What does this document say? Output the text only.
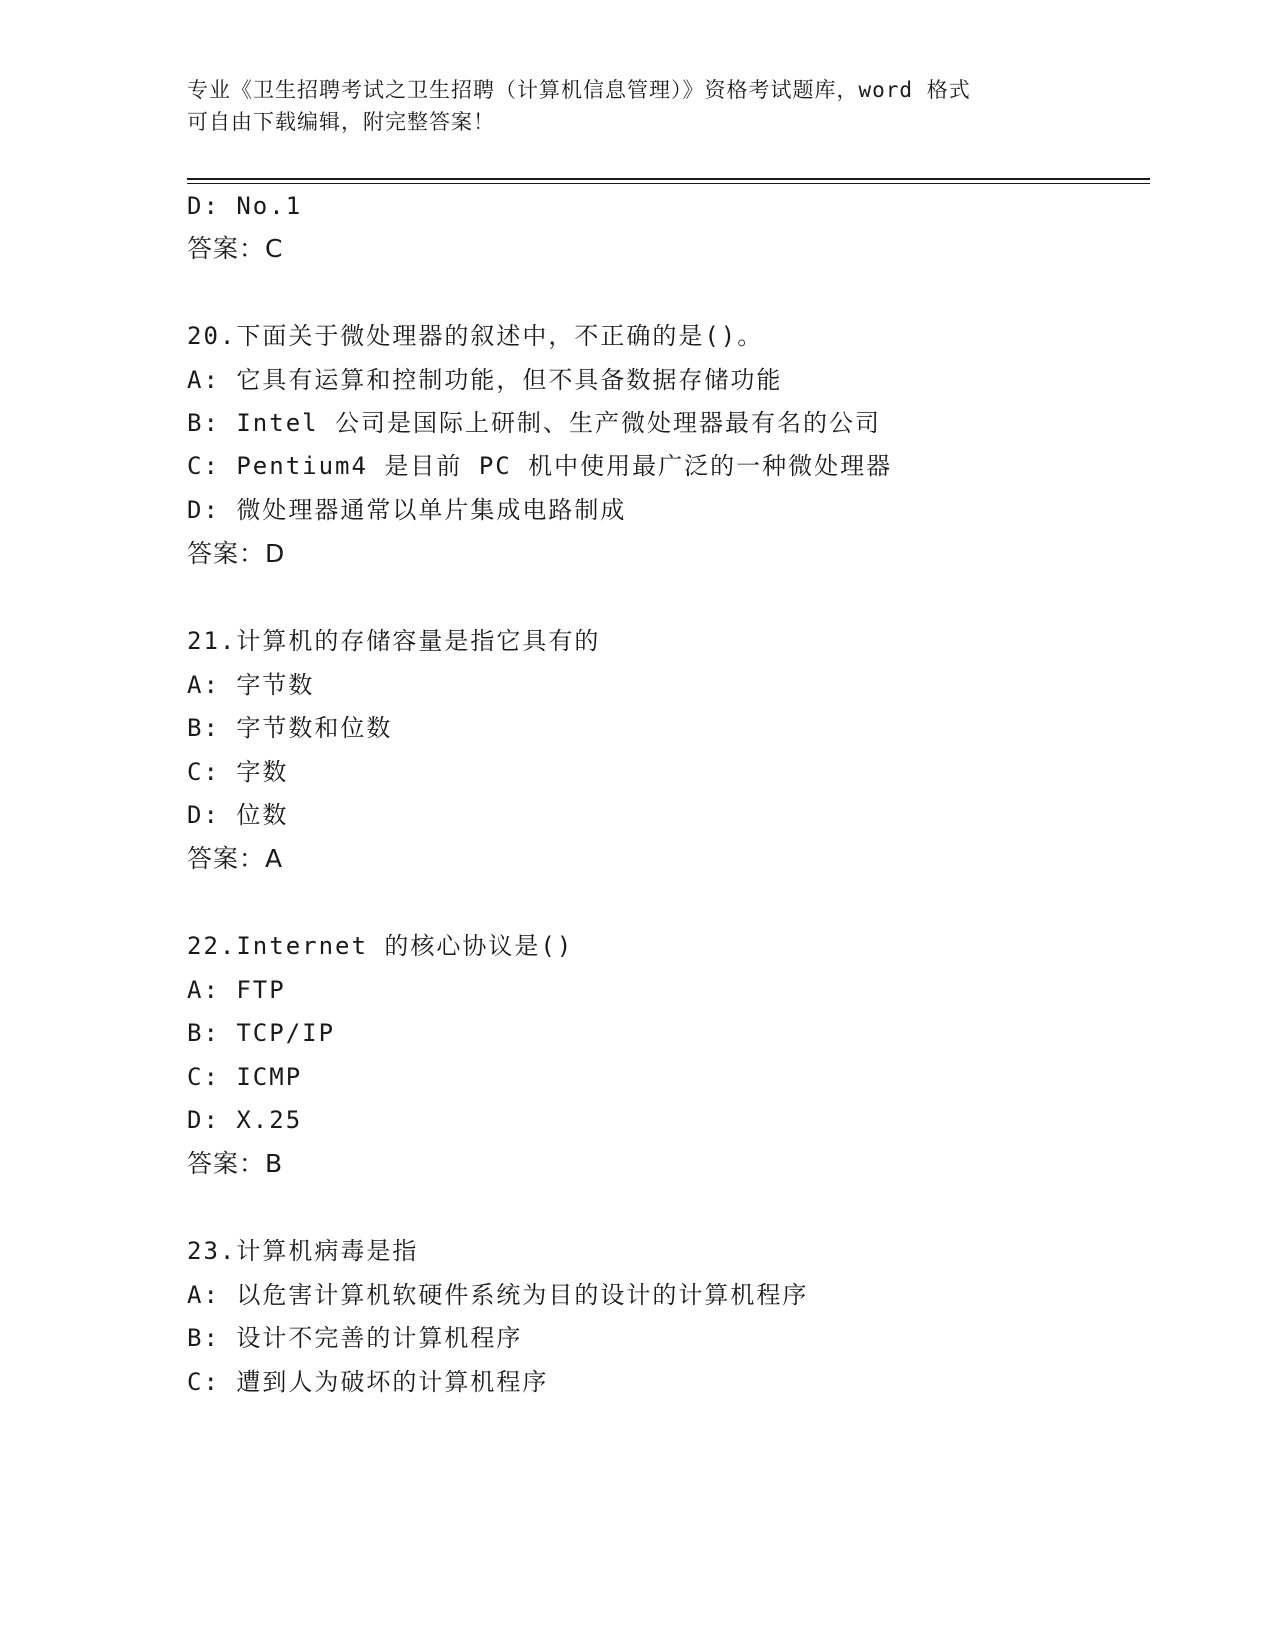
专业《卫生招聘考试之卫生招聘（计算机信息管理）》资格考试题库，word 格式
可自由下载编辑，附完整答案！
D: No.1
答案：C
20.下面关于微处理器的叙述中，不正确的是()。
A: 它具有运算和控制功能，但不具备数据存储功能
B: Intel 公司是国际上研制、生产微处理器最有名的公司
C: Pentium4 是目前 PC 机中使用最广泛的一种微处理器
D: 微处理器通常以单片集成电路制成
答案：D
21.计算机的存储容量是指它具有的
A: 字节数
B: 字节数和位数
C: 字数
D: 位数
答案：A
22.Internet 的核心协议是()
A: FTP
B: TCP/IP
C: ICMP
D: X.25
答案：B
23.计算机病毒是指
A: 以危害计算机软硬件系统为目的设计的计算机程序
B: 设计不完善的计算机程序
C: 遭到人为破坏的计算机程序
